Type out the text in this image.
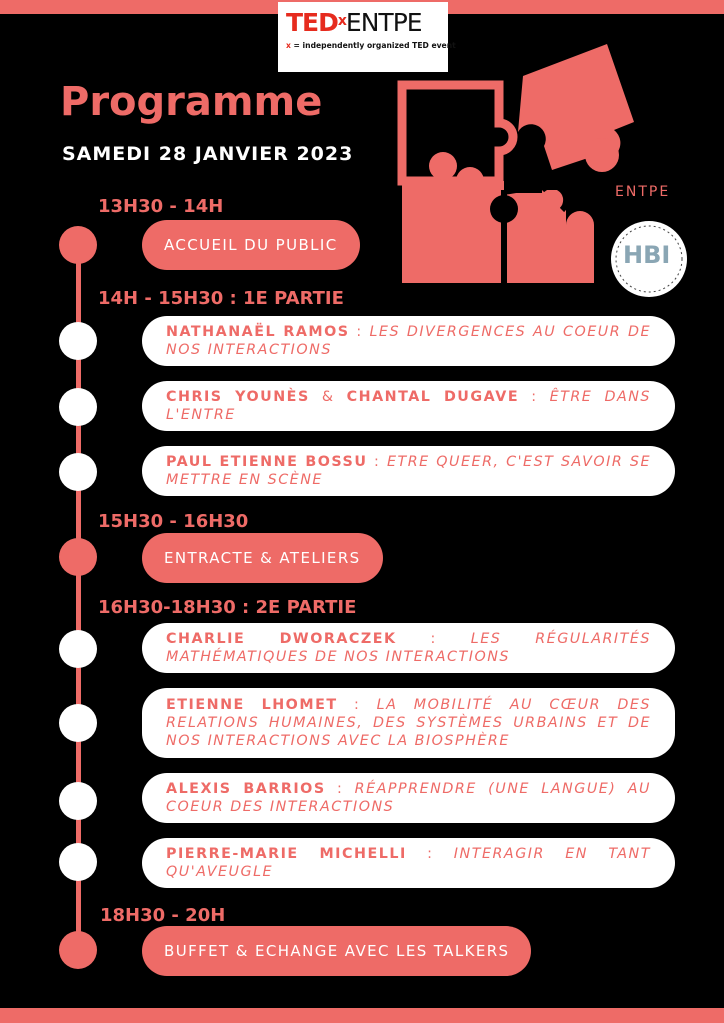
TED$^x$ENTPE
x = independently organized TED event
Programme
SAMEDI 28 JANVIER 2023
ENTPE
HBI
13H30 - 14H
ACCUEIL DU PUBLIC
14H - 15H30 : 1E PARTIE
NATHANAËL RAMOS : LES DIVERGENCES AU COEUR DE NOS INTERACTIONS
CHRIS YOUNÈS & CHANTAL DUGAVE : ÊTRE DANS L'ENTRE
PAUL ETIENNE BOSSU : ETRE QUEER, C'EST SAVOIR SE METTRE EN SCÈNE
15H30 - 16H30
ENTRACTE & ATELIERS
16H30-18H30 : 2E PARTIE
CHARLIE DWORACZEK : LES RÉGULARITÉS MATHÉMATIQUES DE NOS INTERACTIONS
ETIENNE LHOMET : LA MOBILITÉ AU CŒUR DES RELATIONS HUMAINES, DES SYSTÈMES URBAINS ET DE NOS INTERACTIONS AVEC LA BIOSPHÈRE
ALEXIS BARRIOS : RÉAPPRENDRE (UNE LANGUE) AU COEUR DES INTERACTIONS
PIERRE-MARIE MICHELLI : INTERAGIR EN TANT QU'AVEUGLE
18H30 - 20H
BUFFET & ECHANGE AVEC LES TALKERS
